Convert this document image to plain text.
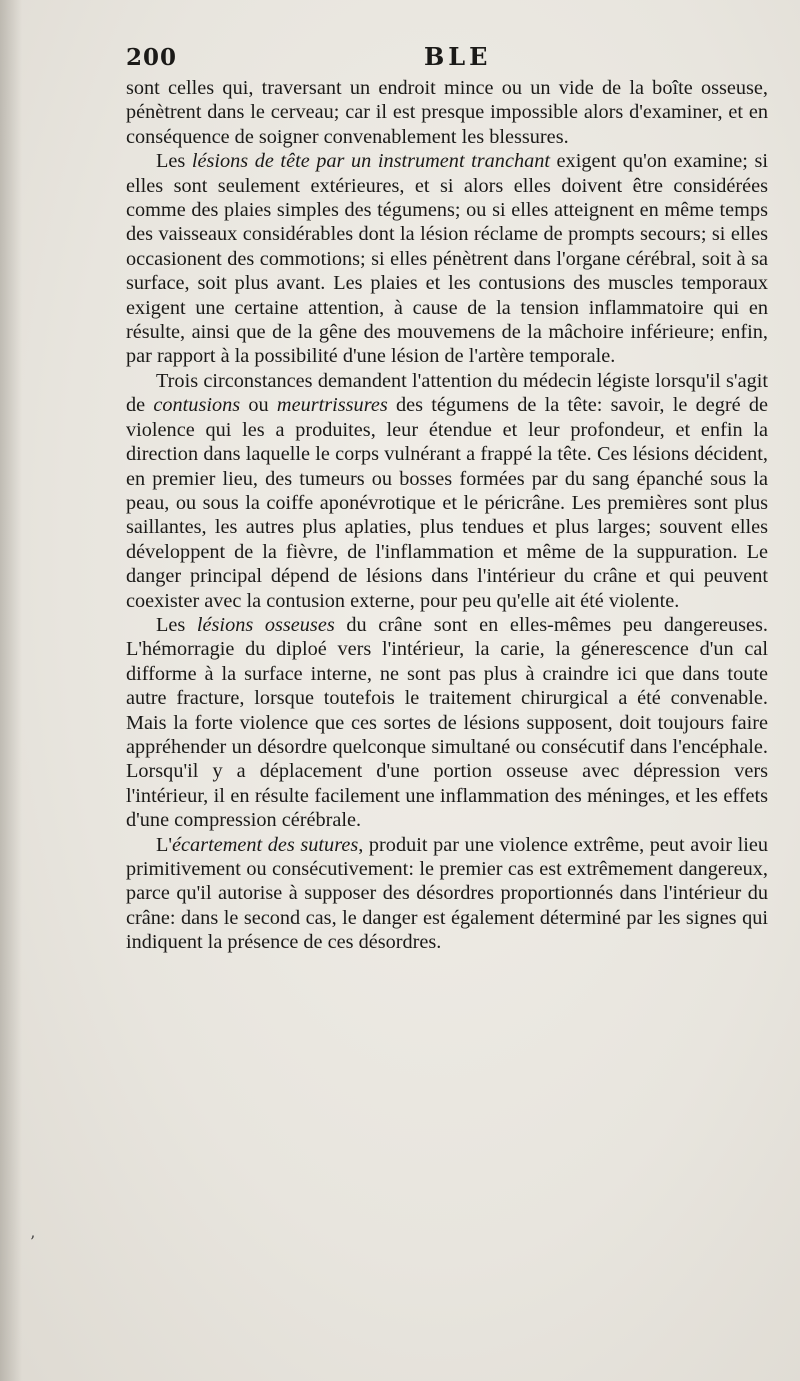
200	BLE

sont celles qui, traversant un endroit mince ou un vide de la boîte osseuse, pénètrent dans le cerveau; car il est presque impossible alors d'examiner, et en conséquence de soigner convenablement les blessures.

Les lésions de tête par un instrument tranchant exigent qu'on examine; si elles sont seulement extérieures, et si alors elles doivent être considérées comme des plaies simples des tégumens; ou si elles atteignent en même temps des vaisseaux considérables dont la lésion réclame de prompts secours; si elles occasionent des commotions; si elles pénètrent dans l'organe cérébral, soit à sa surface, soit plus avant. Les plaies et les contusions des muscles temporaux exigent une certaine attention, à cause de la tension inflammatoire qui en résulte, ainsi que de la gêne des mouvemens de la mâchoire inférieure; enfin, par rapport à la possibilité d'une lésion de l'artère temporale.

Trois circonstances demandent l'attention du médecin légiste lorsqu'il s'agit de contusions ou meurtrissures des tégumens de la tête: savoir, le degré de violence qui les a produites, leur étendue et leur profondeur, et enfin la direction dans laquelle le corps vulnérant a frappé la tête. Ces lésions décident, en premier lieu, des tumeurs ou bosses formées par du sang épanché sous la peau, ou sous la coiffe aponévrotique et le péricrâne. Les premières sont plus saillantes, les autres plus aplaties, plus tendues et plus larges; souvent elles développent de la fièvre, de l'inflammation et même de la suppuration. Le danger principal dépend de lésions dans l'intérieur du crâne et qui peuvent coexister avec la contusion externe, pour peu qu'elle ait été violente.

Les lésions osseuses du crâne sont en elles-mêmes peu dangereuses. L'hémorragie du diploé vers l'intérieur, la carie, la génerescence d'un cal difforme à la surface interne, ne sont pas plus à craindre ici que dans toute autre fracture, lorsque toutefois le traitement chirurgical a été convenable. Mais la forte violence que ces sortes de lésions supposent, doit toujours faire appréhender un désordre quelconque simultané ou consécutif dans l'encéphale. Lorsqu'il y a déplacement d'une portion osseuse avec dépression vers l'intérieur, il en résulte facilement une inflammation des méninges, et les effets d'une compression cérébrale.

L'écartement des sutures, produit par une violence extrême, peut avoir lieu primitivement ou consécutivement: le premier cas est extrêmement dangereux, parce qu'il autorise à supposer des désordres proportionnés dans l'intérieur du crâne: dans le second cas, le danger est également déterminé par les signes qui indiquent la présence de ces désordres.

’
